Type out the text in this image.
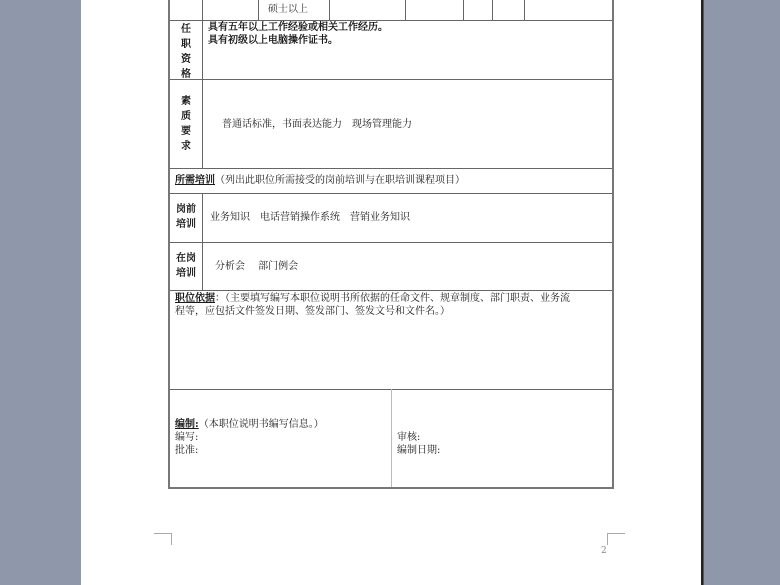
硕士以上
任职资格
具有五年以上工作经验或相关工作经历。
具有初级以上电脑操作证书。
素质要求
普通话标准，书面表达能力　现场管理能力
所需培训（列出此职位所需接受的岗前培训与在职培训课程项目）
岗前培训
业务知识　电话营销操作系统　营销业务知识
在岗培训
分析会　 部门例会
职位依据：（主要填写编写本职位说明书所依据的任命文件、规章制度、部门职责、业务流
程等，应包括文件签发日期、签发部门、签发文号和文件名。）
编制:（本职位说明书编写信息。）
编写:
批准:
审核:
编制日期:
2
